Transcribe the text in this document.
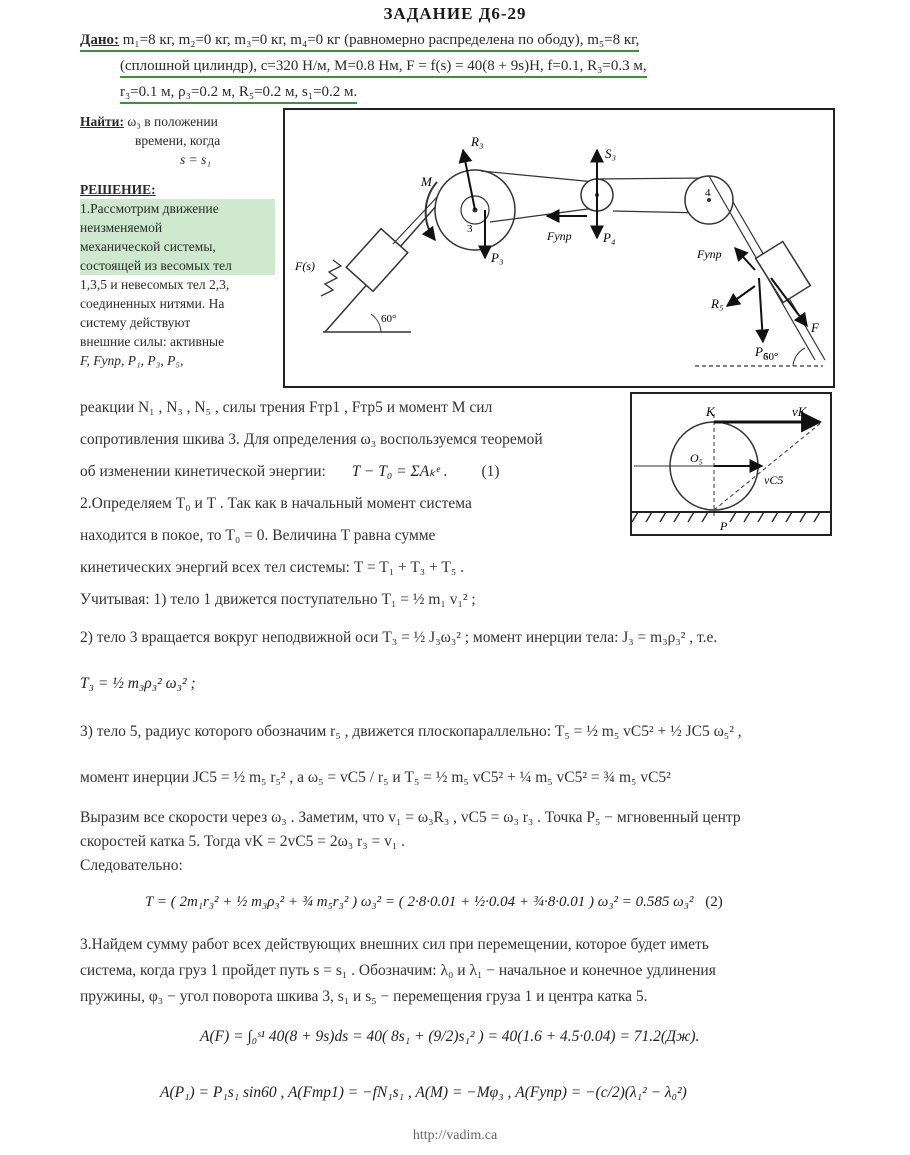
ЗАДАНИЕ Д6-29
Дано: m₁=8 кг, m₂=0 кг, m₃=0 кг, m₄=0 кг (равномерно распределена по ободу), m₅=8 кг,
(сплошной цилиндр), c=320 Н/м, M=0.8 Нм, F = f(s) = 40(8 + 9s)Н, f=0.1, R₃=0.3 м,
r₃=0.1 м, ρ₃=0.2 м, R₅=0.2 м, s₁=0.2 м.
Найти: ω₃ в положении
времени, когда
s = s₁
РЕШЕНИЕ:
1.Рассмотрим движение
неизменяемой
механической системы,
состоящей из весомых тел
1,3,5 и невесомых тел 2,3,
соединенных нитями. На
систему действуют
внешние силы: активные
F, Fупр, P₁, P₃, P₅,
M
R₃
3
P₃
S₃
P₄
Fупр
F(s)
60°
4
Fупр
R₅
P₅
F
60°
реакции N₁ , N₃ , N₅ , силы трения Fтр1 , Fтр5 и момент M сил
сопротивления шкива 3. Для определения ω₃ воспользуемся теоремой
об изменении кинетической энергии: T − T₀ = ΣAₖᵉ . (1)
2.Определяем T₀ и T . Так как в начальный момент система
находится в покое, то T₀ = 0. Величина T равна сумме
кинетических энергий всех тел системы: T = T₁ + T₃ + T₅ .
K	vK
O₅
vC5
P
Учитывая: 1) тело 1 движется поступательно T₁ = ½ m₁ v₁² ;
2) тело 3 вращается вокруг неподвижной оси T₃ = ½ J₃ω₃² ; момент инерции тела: J₃ = m₃ρ₃² , т.е.
T₃ = ½ m₃ρ₃² ω₃² ;
3) тело 5, радиус которого обозначим r₅ , движется плоскопараллельно: T₅ = ½ m₅ vC5² + ½ JC5 ω₅² ,
момент инерции JC5 = ½ m₅ r₅² , а ω₅ = vC5 / r₅ и T₅ = ½ m₅ vC5² + ¼ m₅ vC5² = ¾ m₅ vC5²
Выразим все скорости через ω₃ . Заметим, что v₁ = ω₃R₃ , vC5 = ω₃ r₃ . Точка P₅ − мгновенный центр
скоростей катка 5. Тогда vK = 2vC5 = 2ω₃ r₃ = v₁ .
Следовательно:
T = ( 2m₁r₃² + ½ m₃ρ₃² + ¾ m₅r₃² ) ω₃² = ( 2·8·0.01 + ½·0.04 + ¾·8·0.01 ) ω₃² = 0.585 ω₃² (2)
3.Найдем сумму работ всех действующих внешних сил при перемещении, которое будет иметь
система, когда груз 1 пройдет путь s = s₁ . Обозначим: λ₀ и λ₁ − начальное и конечное удлинения
пружины, φ₃ − угол поворота шкива 3, s₁ и s₅ − перемещения груза 1 и центра катка 5.
A(F) = ∫₀ˢ¹ 40(8 + 9s)ds = 40( 8s₁ + (9/2)s₁² ) = 40(1.6 + 4.5·0.04) = 71.2(Дж).
A(P₁) = P₁s₁ sin60 , A(Fтр1) = −fN₁s₁ , A(M) = −Mφ₃ , A(Fупр) = −(c/2)(λ₁² − λ₀²)
http://vadim.ca
